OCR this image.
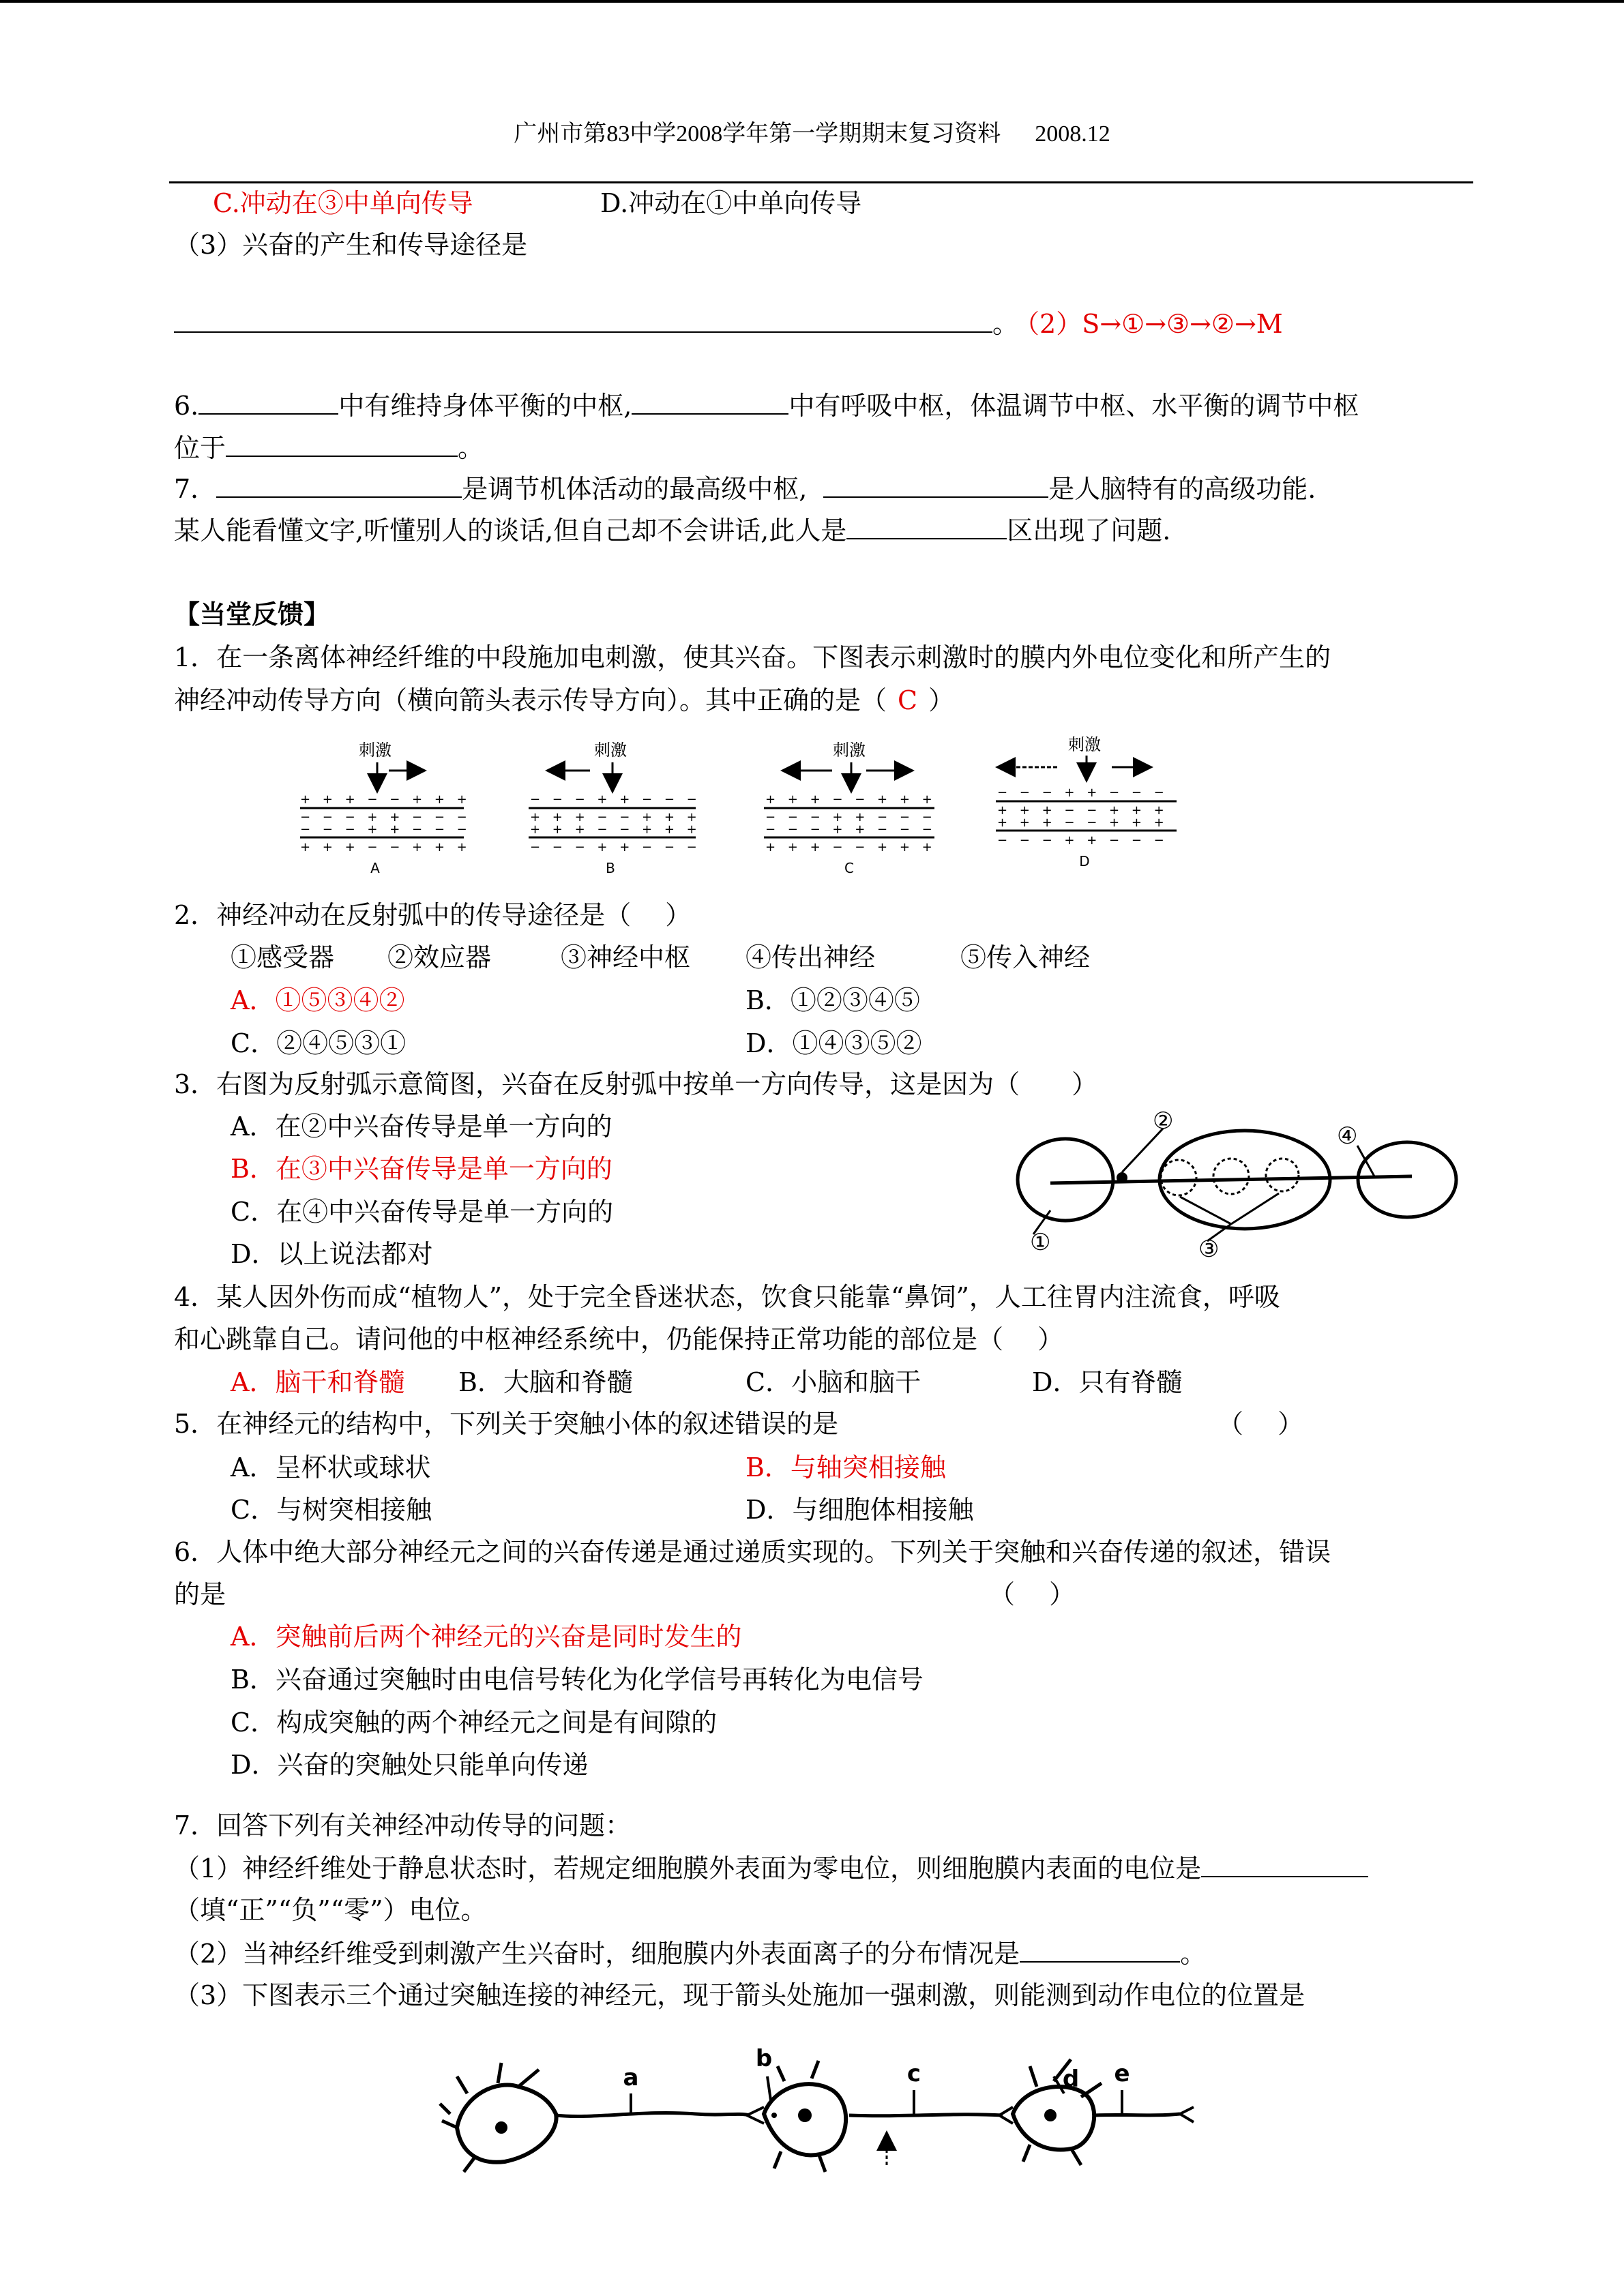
广州市第83中学2008学年第一学期期末复习资料 2008.12
C.冲动在③中单向传导	D.冲动在①中单向传导
（3）兴奋的产生和传导途径是
。 （2）S→①→③→②→M
6.	中有维持身体平衡的中枢,	中有呼吸中枢，体温调节中枢、水平衡的调节中枢
位于	。
7．	是调节机体活动的最高级中枢,	是人脑特有的高级功能.
某人能看懂文字,听懂别人的谈话,但自己却不会讲话,此人是	区出现了问题.
【当堂反馈】
1．在一条离体神经纤维的中段施加电刺激，使其兴奋。下图表示刺激时的膜内外电位变化和所产生的
神经冲动传导方向（横向箭头表示传导方向）。其中正确的是（ C ）
刺激
+ + + − − + + +
− − − + + − − −
− − − + + − − −
+ + + − − + + +
A
刺激
− − − + + − − −
+ + + − − + + +
+ + + − − + + +
− − − + + − − −
B
刺激
+ + + − − + + +
− − − + + − − −
− − − + + − − −
+ + + − − + + +
C
刺激
− − − + + − − −
+ + + − − + + +
+ + + − − + + +
− − − + + − − −
D
2．神经冲动在反射弧中的传导途径是（　 ）
①感受器 ②效应器	③神经中枢 ④传出神经	⑤传入神经
A．①⑤③④②	B．①②③④⑤
C．②④⑤③①	D．①④③⑤②
3．右图为反射弧示意简图，兴奋在反射弧中按单一方向传导，这是因为（　　）
A．在②中兴奋传导是单一方向的
B．在③中兴奋传导是单一方向的
C．在④中兴奋传导是单一方向的
D．以上说法都对	①
②
③
④
4．某人因外伤而成“植物人”，处于完全昏迷状态，饮食只能靠“鼻饲”，人工往胃内注流食，呼吸
和心跳靠自己。请问他的中枢神经系统中，仍能保持正常功能的部位是（　 ）
A．脑干和脊髓 B．大脑和脊髓	C．小脑和脑干	D．只有脊髓
5．在神经元的结构中，下列关于突触小体的叙述错误的是	（　 ）
A．呈杯状或球状	B．与轴突相接触
C．与树突相接触	D．与细胞体相接触
6．人体中绝大部分神经元之间的兴奋传递是通过递质实现的。下列关于突触和兴奋传递的叙述，错误
的是	（　 ）
A．突触前后两个神经元的兴奋是同时发生的
B．兴奋通过突触时由电信号转化为化学信号再转化为电信号
C．构成突触的两个神经元之间是有间隙的
D．兴奋的突触处只能单向传递
7．回答下列有关神经冲动传导的问题：
（1）神经纤维处于静息状态时，若规定细胞膜外表面为零电位，则细胞膜内表面的电位是
（填“正”“负”“零”）电位。
（2）当神经纤维受到刺激产生兴奋时，细胞膜内外表面离子的分布情况是	。
（3）下图表示三个通过突触连接的神经元，现于箭头处施加一强刺激，则能测到动作电位的位置是
a
b
c	d e
